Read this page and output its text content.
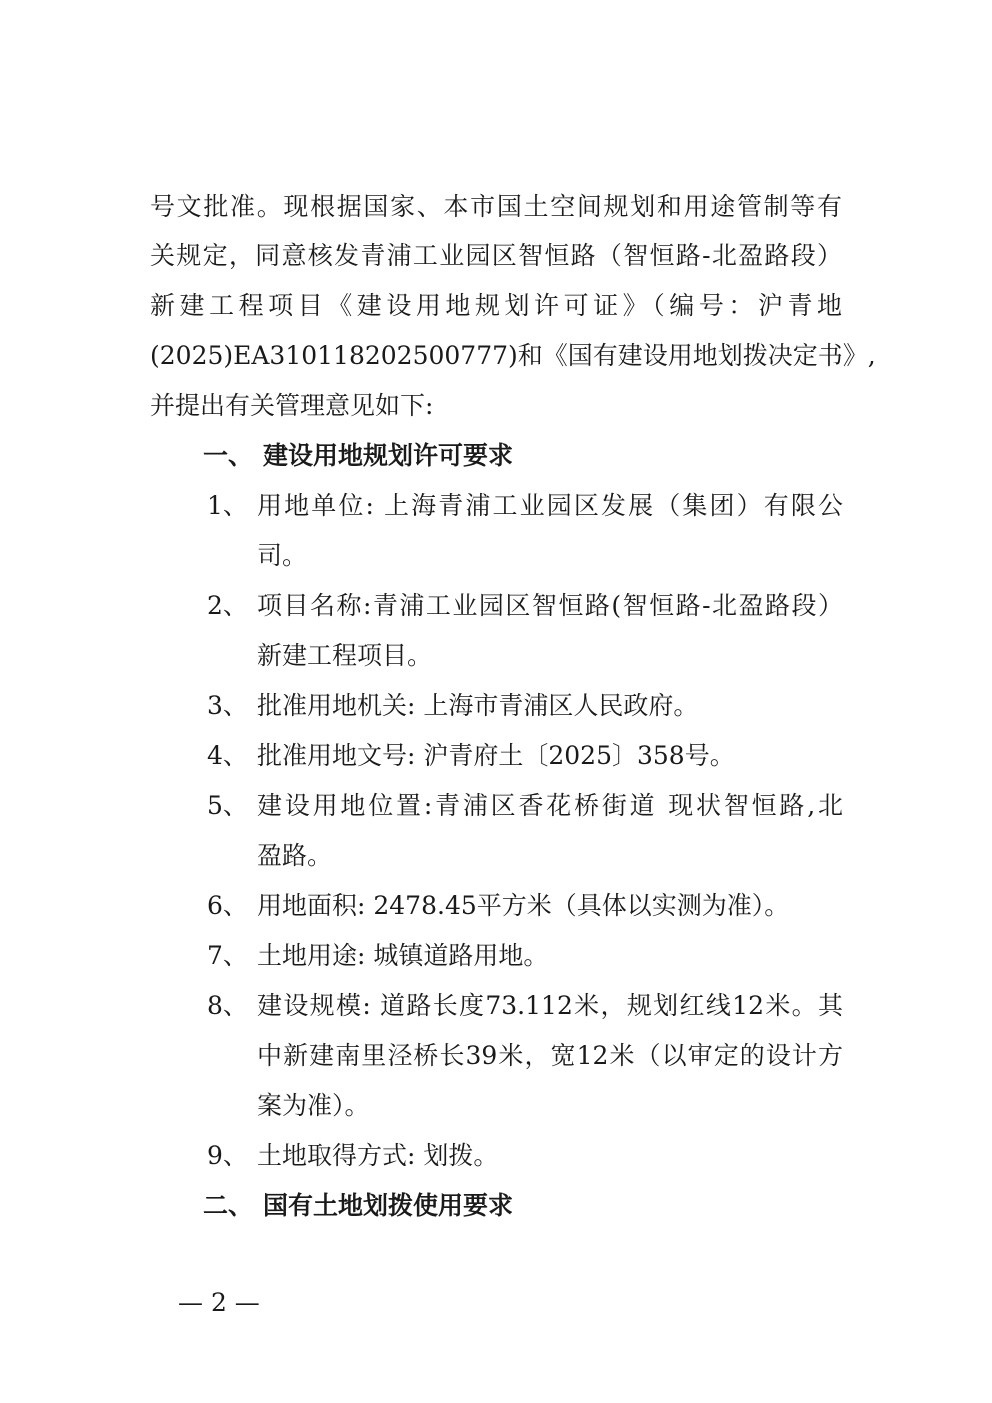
号文批准。现根据国家、本市国土空间规划和用途管制等有
关规定，同意核发青浦工业园区智恒路（智恒路-北盈路段）
新建工程项目《建设用地规划许可证》（编号：沪青地
(2025)EA310118202500777)和《国有建设用地划拨决定书》,
并提出有关管理意见如下:
一、 建设用地规划许可要求
1、 用地单位: 上海青浦工业园区发展（集团）有限公
司。
2、 项目名称:青浦工业园区智恒路(智恒路-北盈路段）
新建工程项目。
3、 批准用地机关: 上海市青浦区人民政府。
4、 批准用地文号: 沪青府土〔2025〕358号。
5、 建设用地位置:青浦区香花桥街道 现状智恒路,北
盈路。
6、 用地面积: 2478.45平方米（具体以实测为准）。
7、 土地用途: 城镇道路用地。
8、 建设规模: 道路长度73.112米，规划红线12米。其
中新建南里泾桥长39米，宽12米（以审定的设计方
案为准）。
9、 土地取得方式: 划拨。
二、 国有土地划拨使用要求
— 2 —
